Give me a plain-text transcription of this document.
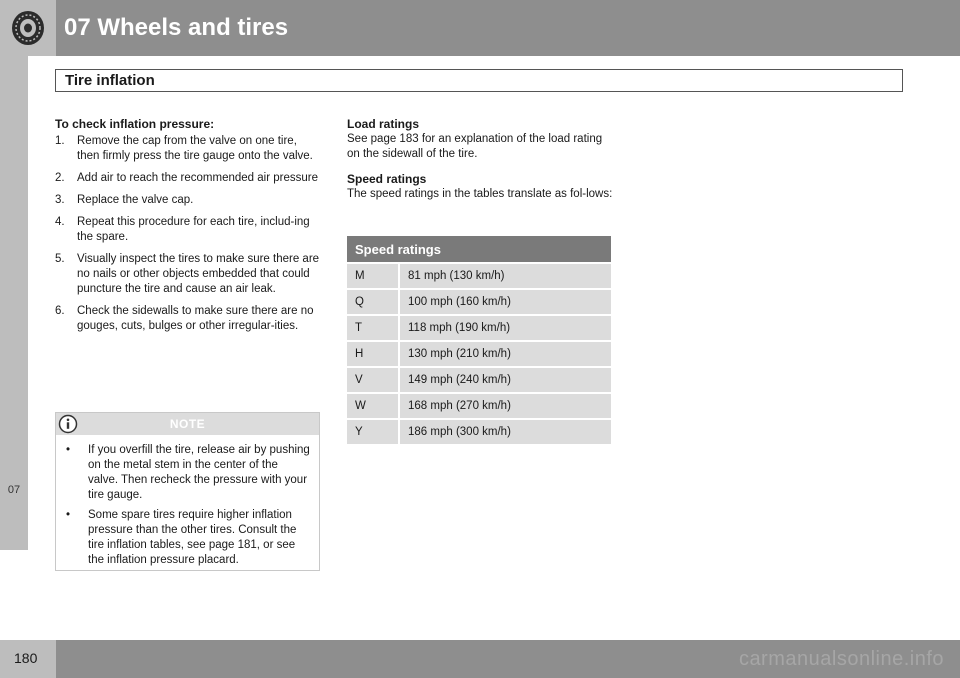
07 Wheels and tires
07
Tire inflation
To check inflation pressure:
1.	Remove the cap from the valve on one tire, then firmly press the tire gauge onto the valve.
2.	Add air to reach the recommended air pressure
3.	Replace the valve cap.
4.	Repeat this procedure for each tire, includ-ing the spare.
5.	Visually inspect the tires to make sure there are no nails or other objects embedded that could puncture the tire and cause an air leak.
6.	Check the sidewalls to make sure there are no gouges, cuts, bulges or other irregular-ities.
NOTE
•	If you overfill the tire, release air by pushing on the metal stem in the center of the valve. Then recheck the pressure with your tire gauge.
•	Some spare tires require higher inflation pressure than the other tires. Consult the tire inflation tables, see page 181, or see the inflation pressure placard.
Load ratings

See page 183 for an explanation of the load rating on the sidewall of the tire.

Speed ratings

The speed ratings in the tables translate as fol-lows:

Speed ratings	
M	81 mph (130 km/h)
Q	100 mph (160 km/h)
T	118 mph (190 km/h)
H	130 mph (210 km/h)
V	149 mph (240 km/h)
W	168 mph (270 km/h)
Y	186 mph (300 km/h)
180	carmanualsonline.info
